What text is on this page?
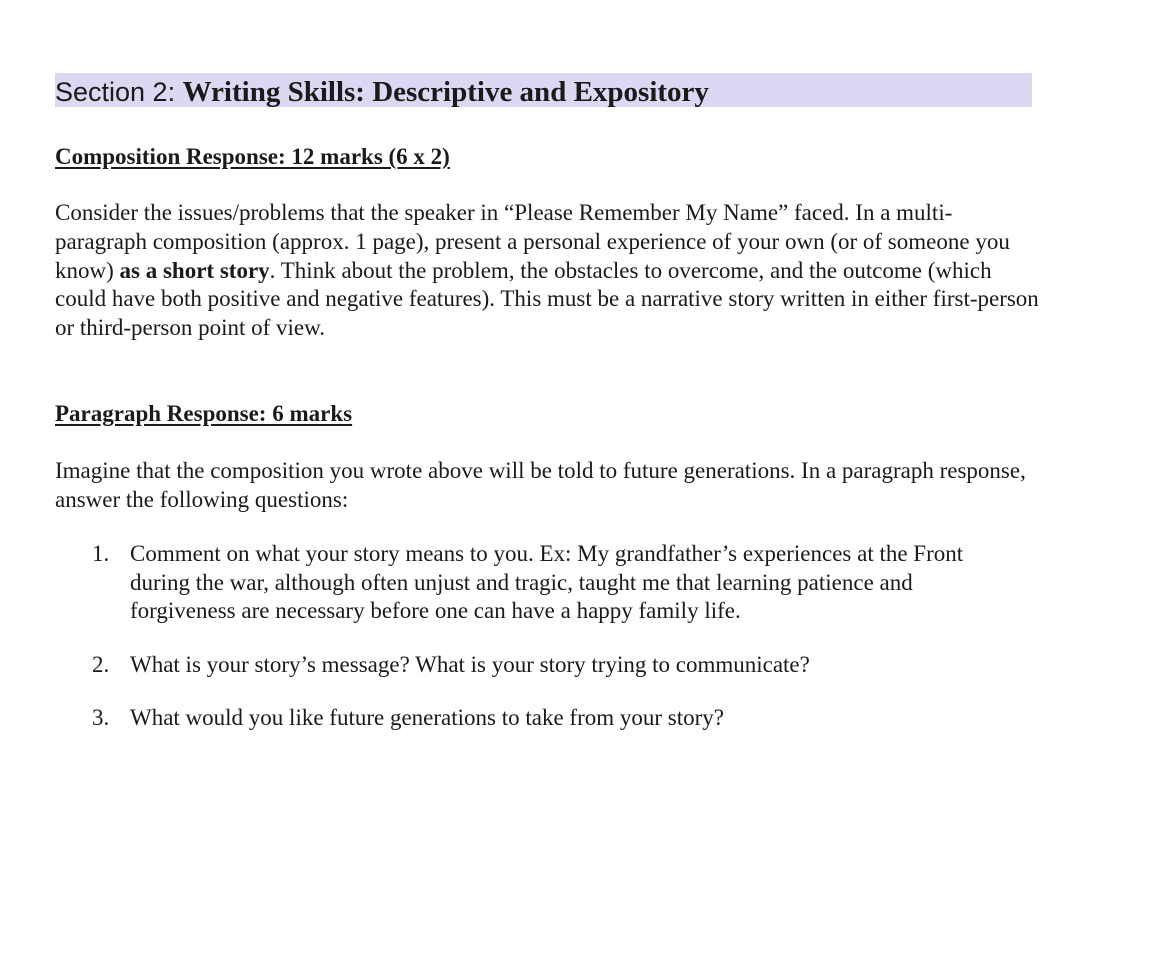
Section 2: Writing Skills: Descriptive and Expository
Composition Response: 12 marks (6 x 2)
Consider the issues/problems that the speaker in “Please Remember My Name” faced. In a multi- paragraph composition (approx. 1 page), present a personal experience of your own (or of someone you know) as a short story. Think about the problem, the obstacles to overcome, and the outcome (which could have both positive and negative features). This must be a narrative story written in either first-person or third-person point of view.
Paragraph Response: 6 marks
Imagine that the composition you wrote above will be told to future generations. In a paragraph response, answer the following questions:
1. Comment on what your story means to you. Ex: My grandfather’s experiences at the Front during the war, although often unjust and tragic, taught me that learning patience and forgiveness are necessary before one can have a happy family life.
2. What is your story’s message? What is your story trying to communicate?
3. What would you like future generations to take from your story?
